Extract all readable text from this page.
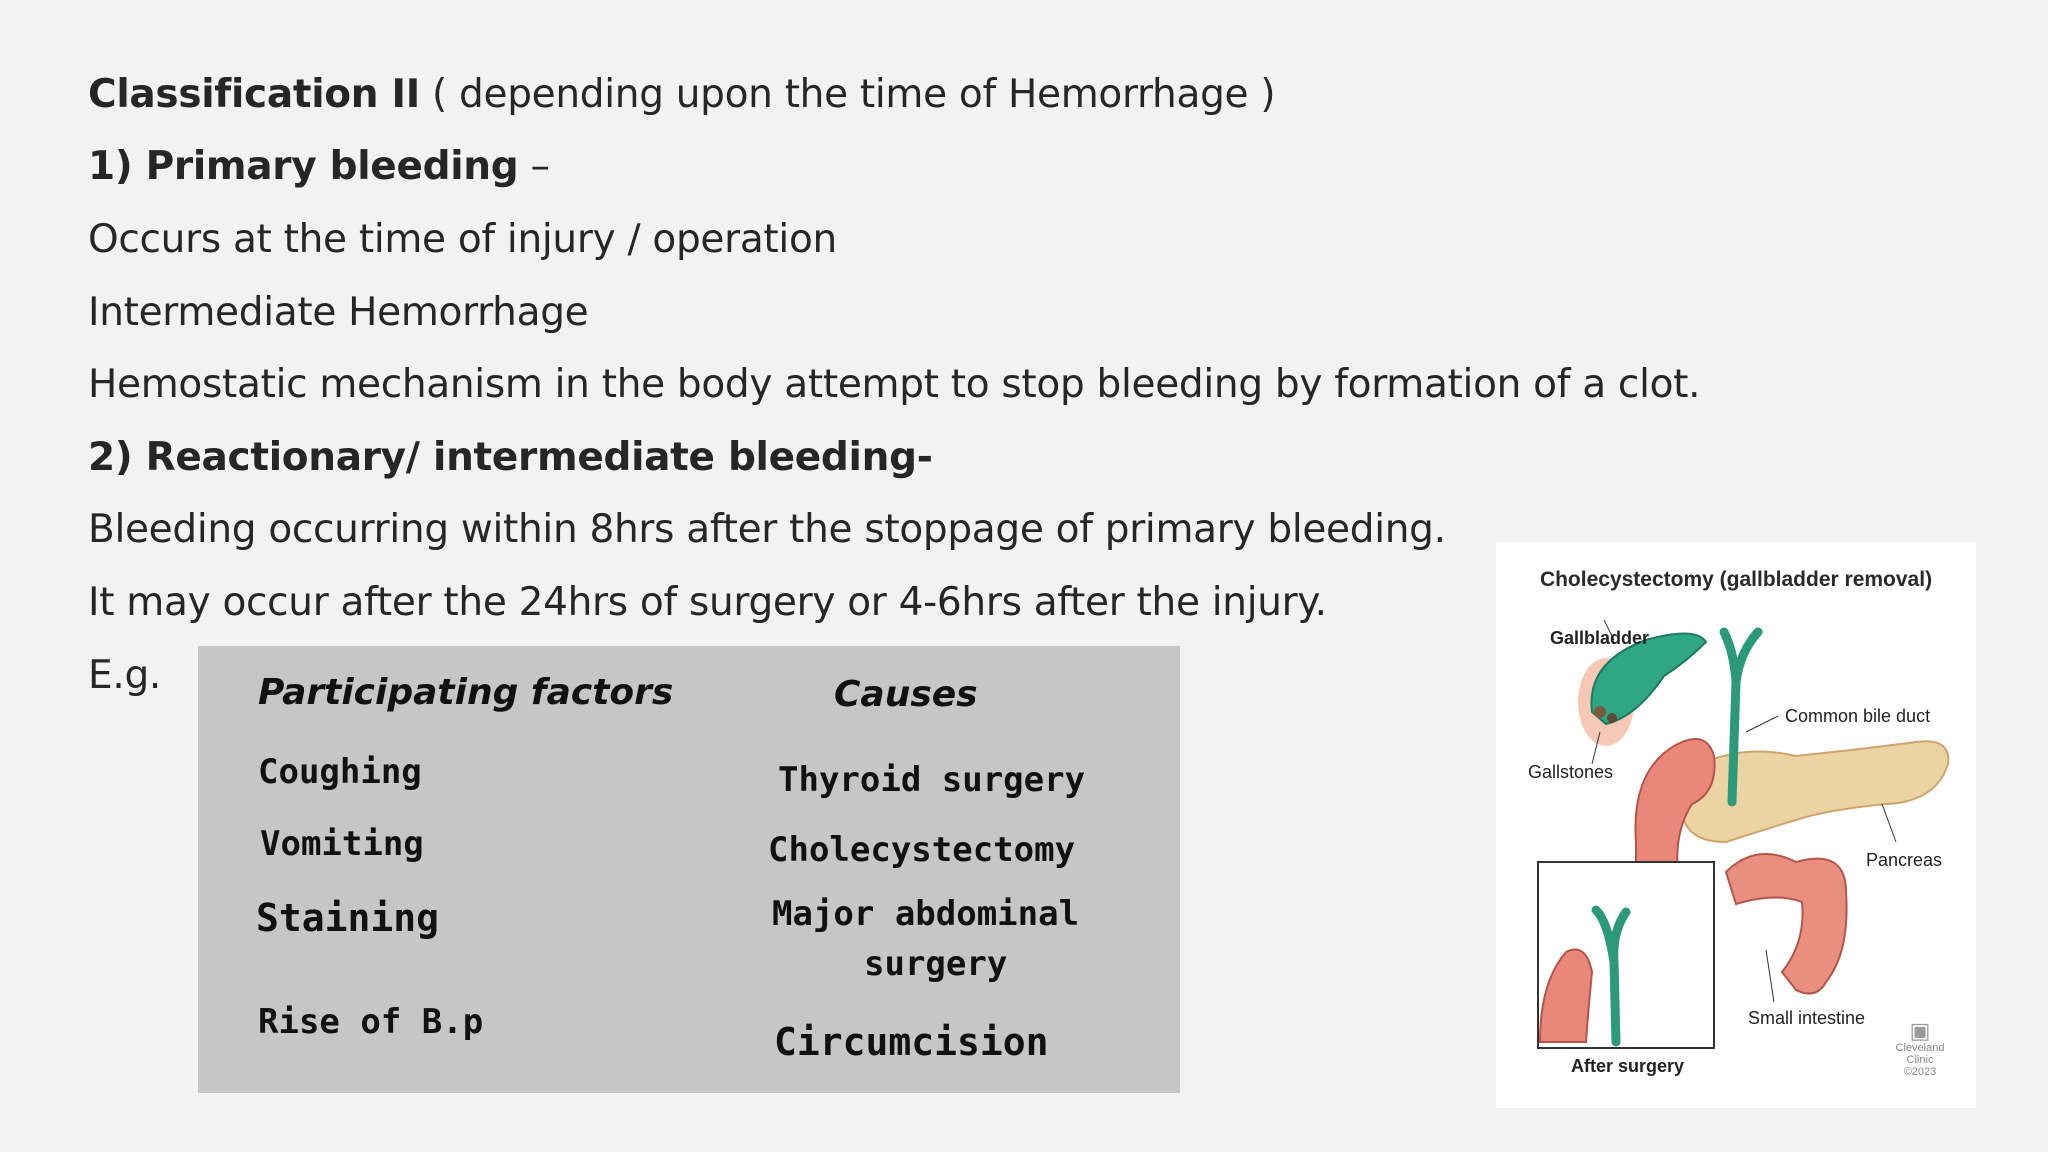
Classification II ( depending upon the time of Hemorrhage )
1) Primary bleeding –
Occurs at the time of injury / operation
Intermediate Hemorrhage
Hemostatic mechanism in the body attempt to stop bleeding by formation of a clot.
2) Reactionary/ intermediate bleeding-
Bleeding occurring within 8hrs after the stoppage of primary bleeding.
It may occur after the 24hrs of surgery or 4-6hrs after the injury.
E.g.	Participating factors	Causes
Coughing
Vomiting
Staining
Rise of B.p
Thyroid surgery
Cholecystectomy
Major abdominal
surgery
Circumcision
Cholecystectomy (gallbladder removal)
Gallbladder
Gallstones
Common bile duct
Pancreas
Small intestine
After surgery
▣
Cleveland
Clinic
©2023
